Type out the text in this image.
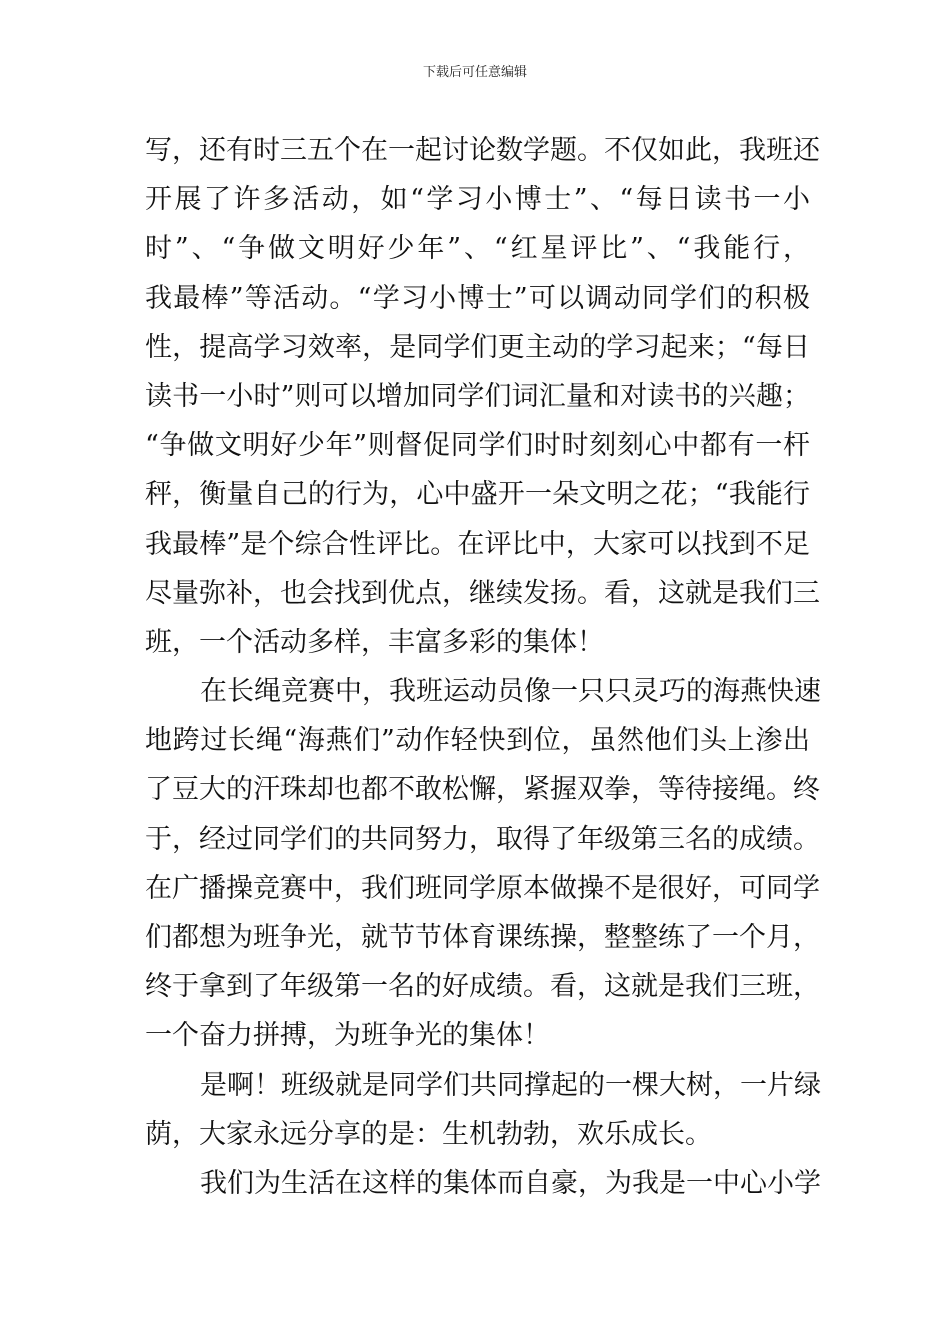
下载后可任意编辑
写，还有时三五个在一起讨论数学题。不仅如此，我班还
开展了许多活动，如“学习小博士”、“每日读书一小
时”、“争做文明好少年”、“红星评比”、“我能行，
我最棒”等活动。“学习小博士”可以调动同学们的积极
性，提高学习效率，是同学们更主动的学习起来；“每日
读书一小时”则可以增加同学们词汇量和对读书的兴趣；
“争做文明好少年”则督促同学们时时刻刻心中都有一杆
秤，衡量自己的行为，心中盛开一朵文明之花；“我能行
我最棒”是个综合性评比。在评比中，大家可以找到不足
尽量弥补，也会找到优点，继续发扬。看，这就是我们三
班，一个活动多样，丰富多彩的集体！
在长绳竞赛中，我班运动员像一只只灵巧的海燕快速
地跨过长绳“海燕们”动作轻快到位，虽然他们头上渗出
了豆大的汗珠却也都不敢松懈，紧握双拳，等待接绳。终
于，经过同学们的共同努力，取得了年级第三名的成绩。
在广播操竞赛中，我们班同学原本做操不是很好，可同学
们都想为班争光，就节节体育课练操，整整练了一个月，
终于拿到了年级第一名的好成绩。看，这就是我们三班，
一个奋力拼搏，为班争光的集体！
是啊！班级就是同学们共同撑起的一棵大树，一片绿
荫，大家永远分享的是：生机勃勃，欢乐成长。
我们为生活在这样的集体而自豪，为我是一中心小学
